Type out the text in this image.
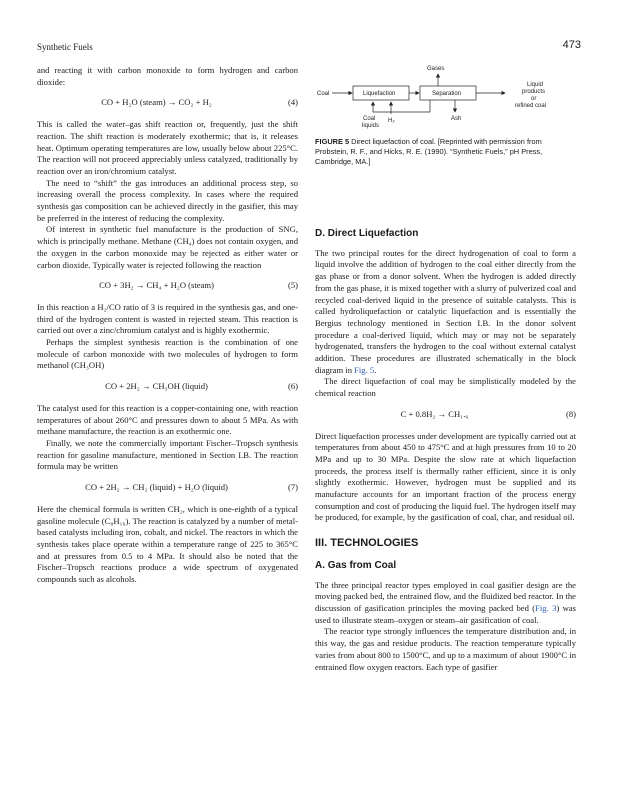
Synthetic Fuels	473

and reacting it with carbon monoxide to form hydrogen and carbon dioxide:

CO + H₂O (steam) → CO₂ + H₂	(4)

This is called the water–gas shift reaction or, frequently, just the shift reaction. The shift reaction is moderately exothermic; that is, it releases heat. Optimum operating temperatures are low, usually below about 225°C. The reaction will not proceed appreciably unless catalyzed, traditionally by reaction over an iron/chromium catalyst.

The need to “shift” the gas introduces an additional process step, so increasing overall the process complexity. In cases where the required synthesis gas composition can be achieved directly in the gasifier, this may be preferred in the interest of reducing the complexity.

Of interest in synthetic fuel manufacture is the production of SNG, which is principally methane. Methane (CH₄) does not contain oxygen, and the oxygen in the carbon monoxide may be rejected as either water or carbon dioxide. Typically water is rejected following the reaction

CO + 3H₂ → CH₄ + H₂O (steam)	(5)

In this reaction a H₂/CO ratio of 3 is required in the synthesis gas, and one-third of the hydrogen content is wasted in rejected steam. This reaction is carried out over a zinc/chromium catalyst and is highly exothermic.

Perhaps the simplest synthesis reaction is the combination of one molecule of carbon monoxide with two molecules of hydrogen to form methanol (CH₃OH)

CO + 2H₂ → CH₃OH (liquid)	(6)

The catalyst used for this reaction is a copper-containing one, with reaction temperatures of about 260°C and pressures down to about 5 MPa. As with methane manufacture, the reaction is an exothermic one.

Finally, we note the commercially important Fischer–Tropsch synthesis reaction for gasoline manufacture, mentioned in Section I.B. The reaction formula may be written

CO + 2H₂ → CH₂ (liquid) + H₂O (liquid)	(7)

Here the chemical formula is written CH₂, which is one-eighth of a typical gasoline molecule (C₈H₁₆). The reaction is catalyzed by a number of metal-based catalysts including iron, cobalt, and nickel. The reactors in which the synthesis takes place operate within a temperature range of 225 to 365°C and at pressures from 0.5 to 4 MPa. It should also be noted that the Fischer–Tropsch reactions produce a wide spectrum of oxygenated compounds such as alcohols.

Gases
Coal	Liquefaction	Separation
Liquid
products
or
refined coal
Coal
liquids
H₂	Ash
FIGURE 5 Direct liquefaction of coal. [Reprinted with permission from Probstein, R. F., and Hicks, R. E. (1990). “Synthetic Fuels,” pH Press, Cambridge, MA.]
D. Direct Liquefaction

The two principal routes for the direct hydrogenation of coal to form a liquid involve the addition of hydrogen to the coal either directly from the gas phase or from a donor solvent. When the hydrogen is added directly from the gas phase, it is mixed together with a slurry of pulverized coal and recycled coal-derived liquid in the presence of suitable catalysts. This is called hydroliquefaction or catalytic liquefaction and is essentially the Bergius technology mentioned in Section I.B. In the donor solvent procedure a coal-derived liquid, which may or may not be separately hydrogenated, transfers the hydrogen to the coal without external catalyst addition. These procedures are illustrated schematically in the block diagram in Fig. 5.

The direct liquefaction of coal may be simplistically modeled by the chemical reaction

C + 0.8H₂ → CH₁.₆	(8)

Direct liquefaction processes under development are typically carried out at temperatures from about 450 to 475°C and at high pressures from 10 to 20 MPa and up to 30 MPa. Despite the slow rate at which liquefaction proceeds, the process itself is thermally rather efficient, since it is only slightly exothermic. However, hydrogen must be supplied and its manufacture accounts for an important fraction of the process energy consumption and cost of producing the liquid fuel. The hydrogen itself may be produced, for example, by the gasification of coal, char, and residual oil.

III. TECHNOLOGIES
A. Gas from Coal

The three principal reactor types employed in coal gasifier design are the moving packed bed, the entrained flow, and the fluidized bed reactor. In the discussion of gasification principles the moving packed bed (Fig. 3) was used to illustrate steam–oxygen or steam–air gasification of coal.

The reactor type strongly influences the temperature distribution and, in this way, the gas and residue products. The reaction temperature typically varies from about 800 to 1500°C, and up to a maximum of about 1900°C in entrained flow oxygen reactors. Each type of gasifier
